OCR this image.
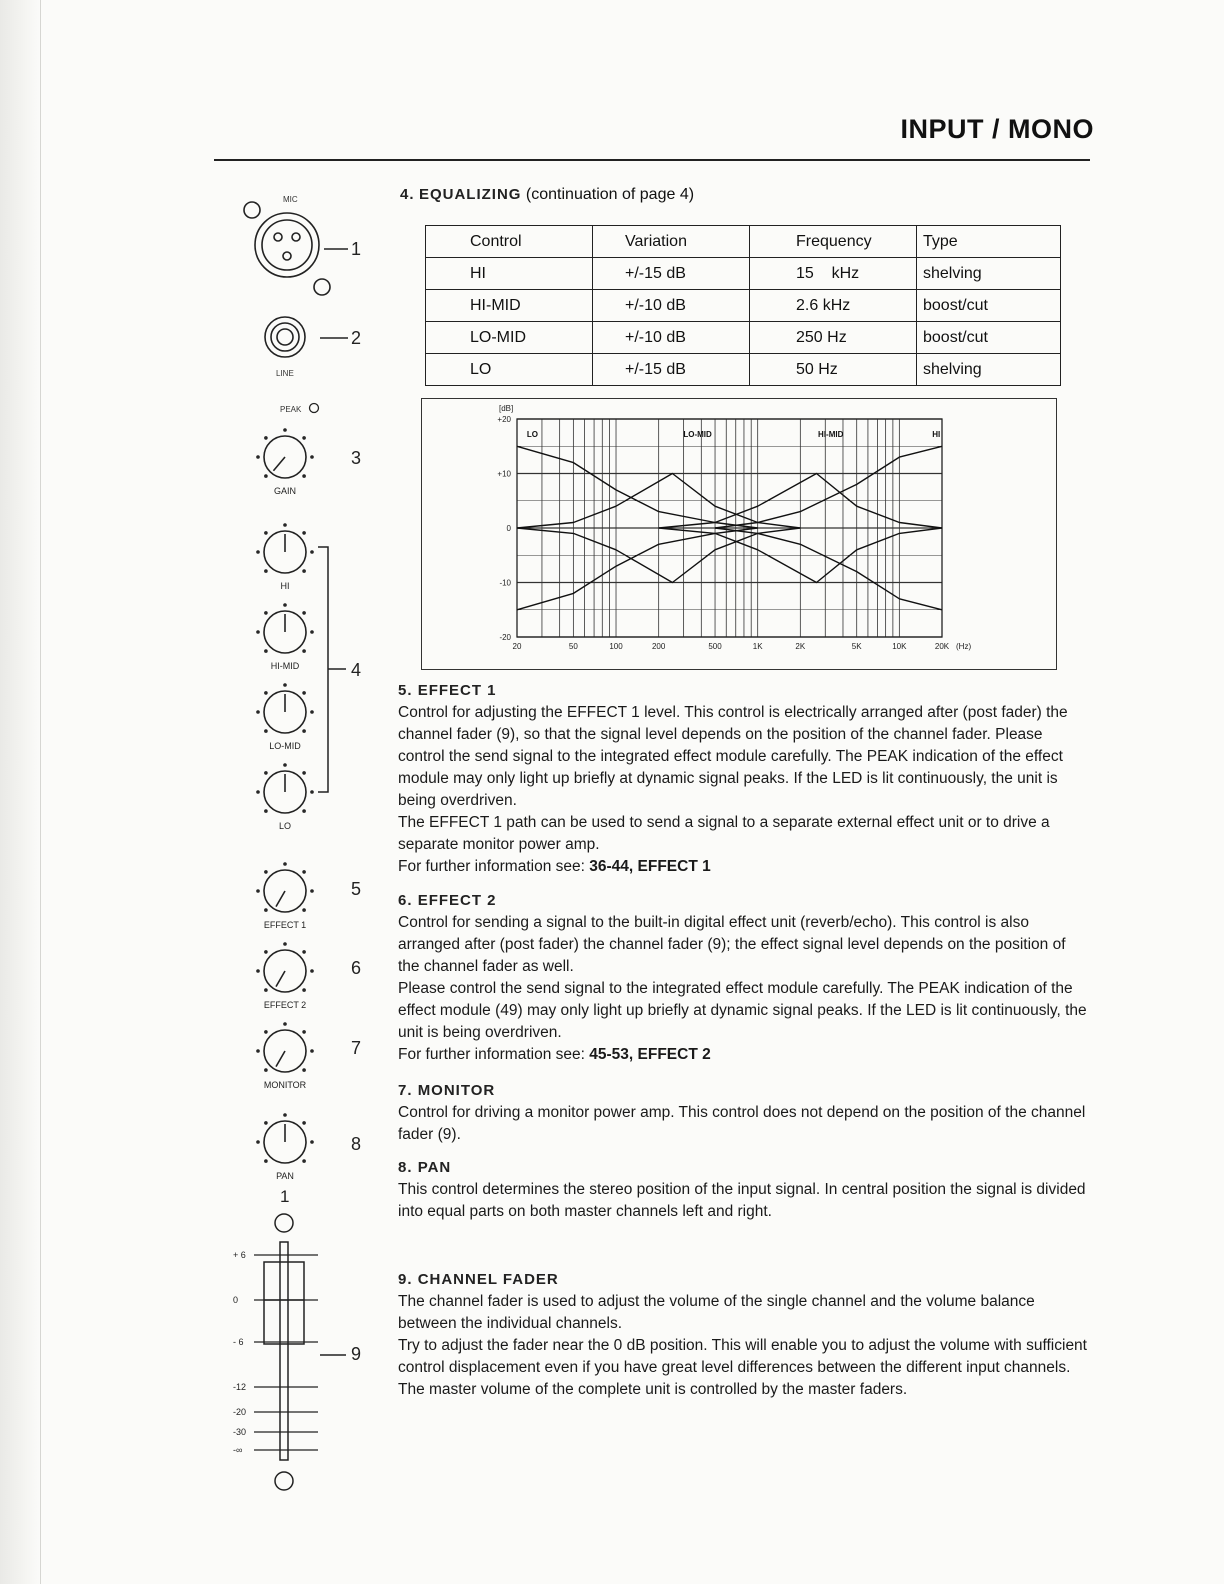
INPUT / MONO
1
2
3
4
5
6
7
8
9
MIC
LINE
PEAK
GAIN
HI
HI-MID
LO-MID
LO
EFFECT 1
EFFECT 2
MONITOR
PAN
1
+ 6
0
- 6
-12
-20
-30
-∞
4. EQUALIZING (continuation of page 4)
Control	Variation	Frequency	Type
HI	+/-15 dB	15    kHz	shelving
HI-MID	+/-10 dB	2.6 kHz	boost/cut
LO-MID	+/-10 dB	250 Hz	boost/cut
LO	+/-15 dB	50 Hz	shelving
+20
+10
0
-10
-20
[dB]
20	50	100	200	500	1K	2K	5K	10K	20K (Hz)
LO	LO-MID	HI-MID	HI
5. EFFECT 1

Control for adjusting the EFFECT 1 level. This control is electrically arranged after (post fader) the channel fader (9), so that the signal level depends on the position of the channel fader. Please control the send signal to the integrated effect module carefully. The PEAK indication of the effect module may only light up briefly at dynamic signal peaks. If the LED is lit continuously, the unit is being overdriven.

The EFFECT 1 path can be used to send a signal to a separate external effect unit or to drive a separate monitor power amp.

For further information see: 36-44, EFFECT 1

6. EFFECT 2

Control for sending a signal to the built-in digital effect unit (reverb/echo). This control is also arranged after (post fader) the channel fader (9); the effect signal level depends on the position of the channel fader as well.

Please control the send signal to the integrated effect module carefully. The PEAK indication of the effect module (49) may only light up briefly at dynamic signal peaks. If the LED is lit continuously, the unit is being overdriven.

For further information see: 45-53, EFFECT 2

7. MONITOR

Control for driving a monitor power amp. This control does not depend on the position of the channel fader (9).

8. PAN

This control determines the stereo position of the input signal. In central position the signal is divided into equal parts on both master channels left and right.

9. CHANNEL FADER

The channel fader is used to adjust the volume of the single channel and the volume balance between the individual channels.

Try to adjust the fader near the 0 dB position. This will enable you to adjust the volume with sufficient control displacement even if you have great level differences between the different input channels. The master volume of the complete unit is controlled by the master faders.
